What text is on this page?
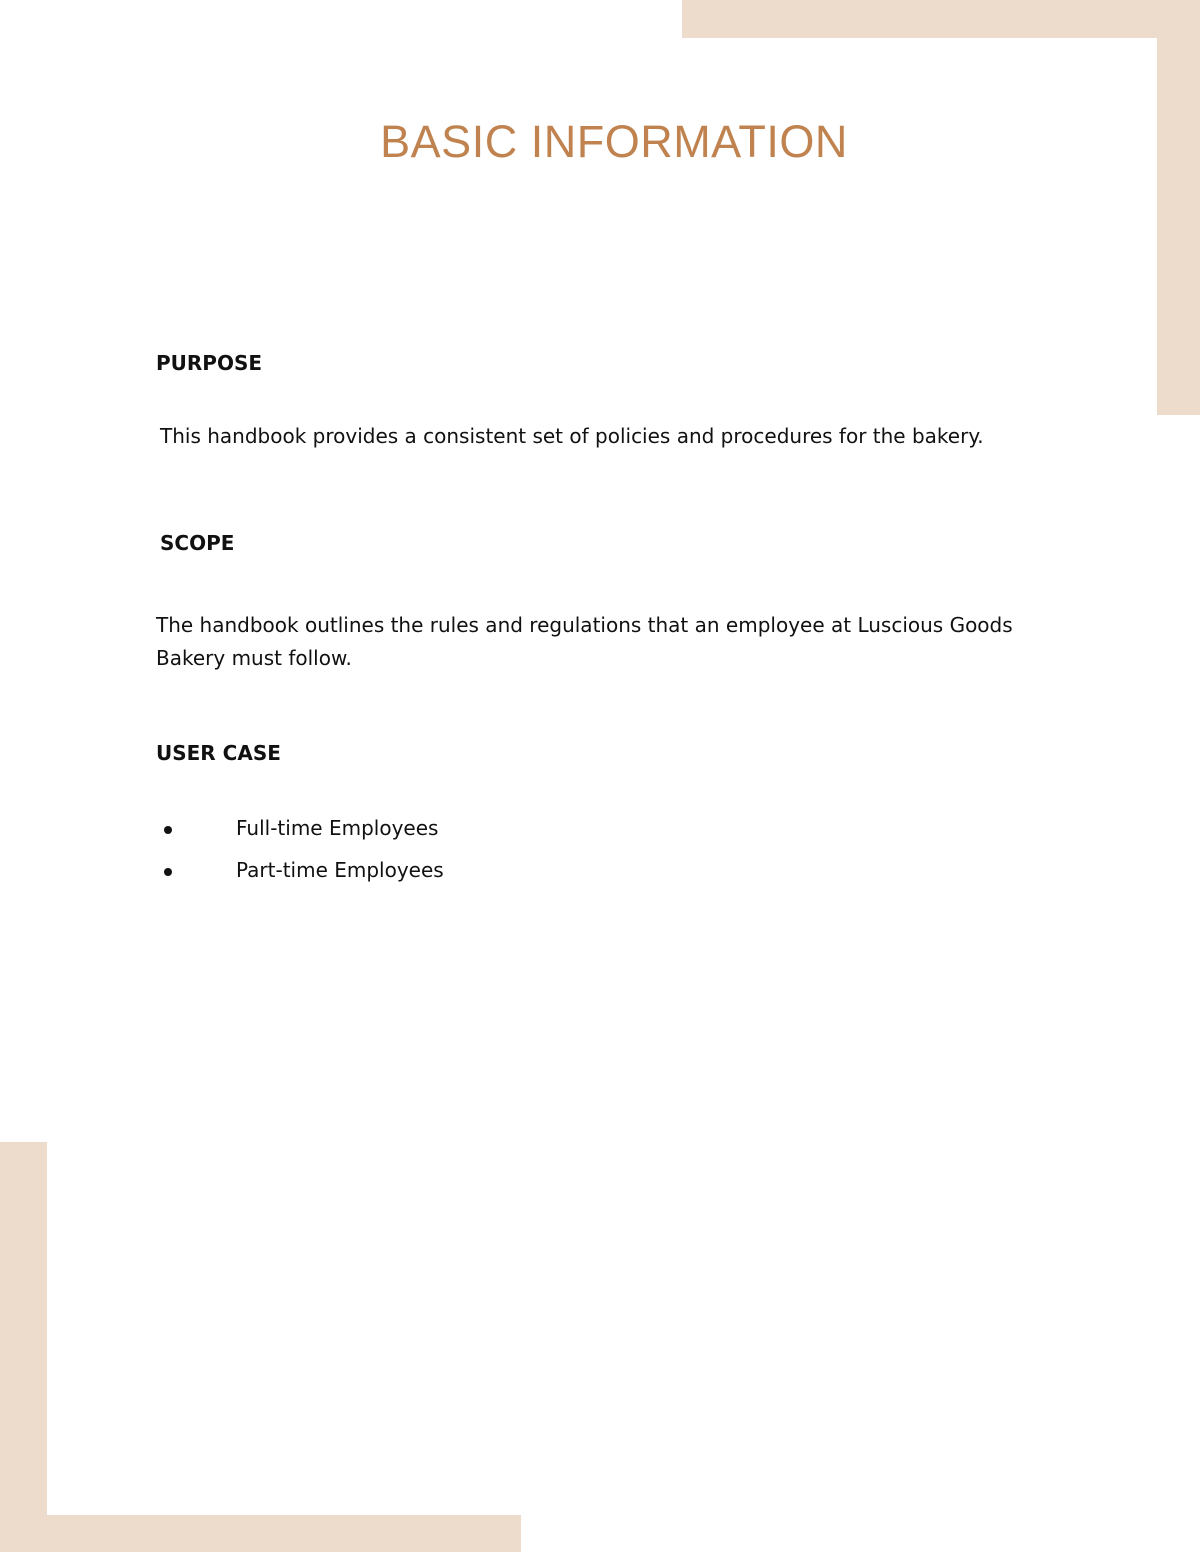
BASIC INFORMATION
PURPOSE
This handbook provides a consistent set of policies and procedures for the bakery.
SCOPE
The handbook outlines the rules and regulations that an employee at Luscious Goods Bakery must follow.
USER CASE
Full-time Employees
Part-time Employees
